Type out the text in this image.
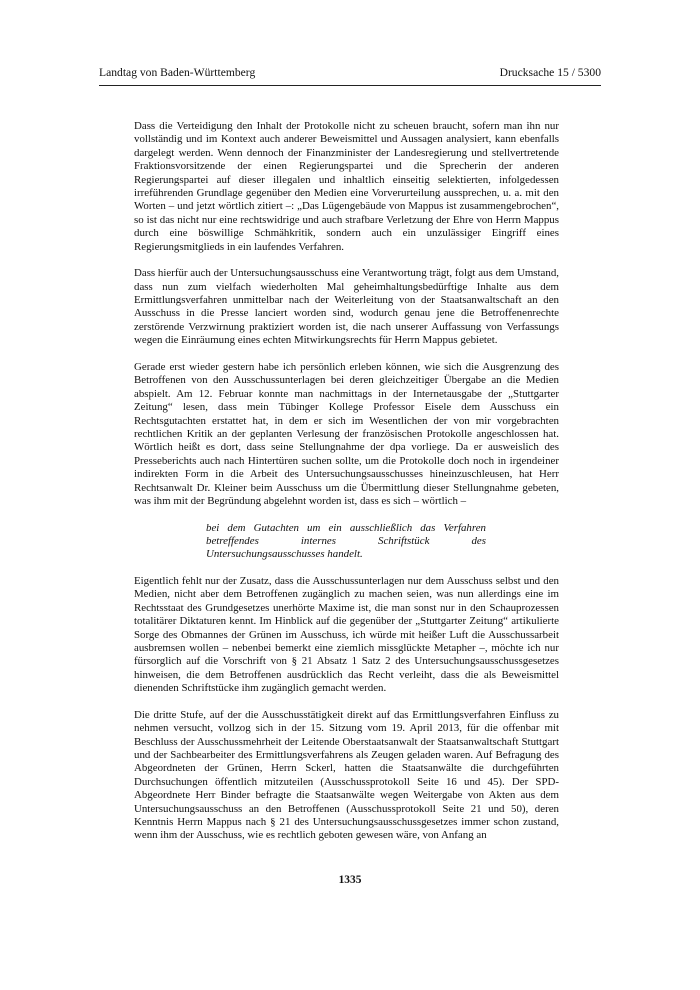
Landtag von Baden-Württemberg	Drucksache 15 / 5300

Dass die Verteidigung den Inhalt der Protokolle nicht zu scheuen braucht, sofern man ihn nur vollständig und im Kontext auch anderer Beweismittel und Aussagen analysiert, kann ebenfalls dargelegt werden. Wenn dennoch der Finanzminister der Landesregierung und stellvertretende Fraktionsvorsitzende der einen Regierungspartei und die Sprecherin der anderen Regierungspartei auf dieser illegalen und inhaltlich einseitig selektierten, infolgedessen irreführenden Grundlage gegenüber den Medien eine Vorverurteilung aussprechen, u. a. mit den Worten – und jetzt wörtlich zitiert –: „Das Lügengebäude von Mappus ist zusammengebrochen“, so ist das nicht nur eine rechtswidrige und auch strafbare Verletzung der Ehre von Herrn Mappus durch eine böswillige Schmähkritik, sondern auch ein unzulässiger Eingriff eines Regierungsmitglieds in ein laufendes Verfahren.

Dass hierfür auch der Untersuchungsausschuss eine Verantwortung trägt, folgt aus dem Umstand, dass nun zum vielfach wiederholten Mal geheimhaltungsbedürftige Inhalte aus dem Ermittlungsverfahren unmittelbar nach der Weiterleitung von der Staatsanwaltschaft an den Ausschuss in die Presse lanciert worden sind, wodurch genau jene die Betroffenenrechte zerstörende Verzwirnung praktiziert worden ist, die nach unserer Auffassung von Verfassungs wegen die Einräumung eines echten Mitwirkungsrechts für Herrn Mappus gebietet.

Gerade erst wieder gestern habe ich persönlich erleben können, wie sich die Ausgrenzung des Betroffenen von den Ausschussunterlagen bei deren gleichzeitiger Übergabe an die Medien abspielt. Am 12. Februar konnte man nachmittags in der Internetausgabe der „Stuttgarter Zeitung“ lesen, dass mein Tübinger Kollege Professor Eisele dem Ausschuss ein Rechtsgutachten erstattet hat, in dem er sich im Wesentlichen der von mir vorgebrachten rechtlichen Kritik an der geplanten Verlesung der französischen Protokolle angeschlossen hat. Wörtlich heißt es dort, dass seine Stellungnahme der dpa vorliege. Da er ausweislich des Presseberichts auch nach Hintertüren suchen sollte, um die Protokolle doch noch in irgendeiner indirekten Form in die Arbeit des Untersuchungsausschusses hineinzuschleusen, hat Herr Rechtsanwalt Dr. Kleiner beim Ausschuss um die Übermittlung dieser Stellungnahme gebeten, was ihm mit der Begründung abgelehnt worden ist, dass es sich – wörtlich –

bei dem Gutachten um ein ausschließlich das Verfahren betreffendes internes Schriftstück des Untersuchungsausschusses handelt.

Eigentlich fehlt nur der Zusatz, dass die Ausschussunterlagen nur dem Ausschuss selbst und den Medien, nicht aber dem Betroffenen zugänglich zu machen seien, was nun allerdings eine im Rechtsstaat des Grundgesetzes unerhörte Maxime ist, die man sonst nur in den Schauprozessen totalitärer Diktaturen kennt. Im Hinblick auf die gegenüber der „Stuttgarter Zeitung“ artikulierte Sorge des Obmannes der Grünen im Ausschuss, ich würde mit heißer Luft die Ausschussarbeit ausbremsen wollen – nebenbei bemerkt eine ziemlich missglückte Metapher –, möchte ich nur fürsorglich auf die Vorschrift von § 21 Absatz 1 Satz 2 des Untersuchungsausschussgesetzes hinweisen, die dem Betroffenen ausdrücklich das Recht verleiht, dass die als Beweismittel dienenden Schriftstücke ihm zugänglich gemacht werden.

Die dritte Stufe, auf der die Ausschusstätigkeit direkt auf das Ermittlungsverfahren Einfluss zu nehmen versucht, vollzog sich in der 15. Sitzung vom 19. April 2013, für die offenbar mit Beschluss der Ausschussmehrheit der Leitende Oberstaatsanwalt der Staatsanwaltschaft Stuttgart und der Sachbearbeiter des Ermittlungsverfahrens als Zeugen geladen waren. Auf Befragung des Abgeordneten der Grünen, Herrn Sckerl, hatten die Staatsanwälte die durchgeführten Durchsuchungen öffentlich mitzuteilen (Ausschussprotokoll Seite 16 und 45). Der SPD-Abgeordnete Herr Binder befragte die Staatsanwälte wegen Weitergabe von Akten aus dem Untersuchungsausschuss an den Betroffenen (Ausschussprotokoll Seite 21 und 50), deren Kenntnis Herrn Mappus nach § 21 des Untersuchungsausschussgesetzes immer schon zustand, wenn ihm der Ausschuss, wie es rechtlich geboten gewesen wäre, von Anfang an

1335
